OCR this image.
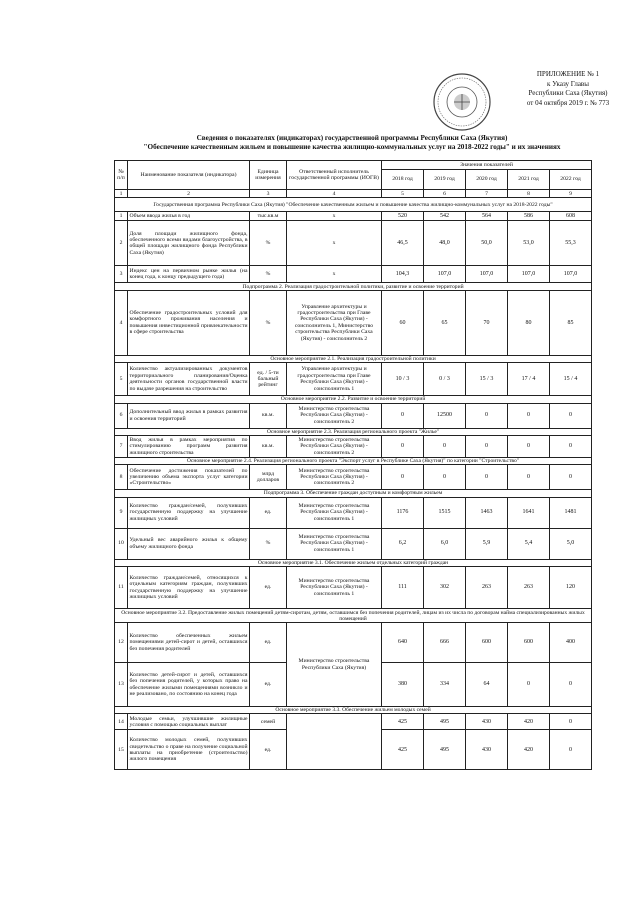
ПРИЛОЖЕНИЕ № 1
к Указу Главы
Республики Саха (Якутия)
от 04 октября 2019 г. № 773
Сведения о показателях (индикаторах) государственной программы Республики Саха (Якутия)
"Обеспечение качественным жильем и повышение качества жилищно-коммунальных услуг на 2018-2022 годы" и их значениях
№ п/п	Наименование показателя (индикатора)	Единица измерения	Ответственный исполнитель государственной программы (ИОГВ)	Значения показателей				
				2018 год	2019 год	2020 год	2021 год	2022 год
1	2	3	4	5	6	7	8	9
Государственная программа Республики Саха (Якутия) "Обеспечение качественным жильем и повышение качества жилищно-коммунальных услуг на 2018-2022 годы"								
1	Объем ввода жилья в год	тыс.кв.м	х	520	542	564	586	608
2	Доля площади жилищного фонда, обеспеченного всеми видами благоустройства, в общей площади жилищного фонда Республики Саха (Якутия)	%	х	46,5	48,0	50,0	53,0	55,3
3	Индекс цен на первичном рынке жилья (на конец года, к концу предыдущего года)	%	х	104,3	107,0	107,0	107,0	107,0
Подпрограмма 2. Реализация градостроительной политики, развитие и освоение территорий								
4	Обеспечение градостроительных условий для комфортного проживания населения и повышения инвестиционной привлекательности в сфере строительства	%	Управление архитектуры и градостроительства при Главе Республики Саха (Якутия) - соисполнитель 1, Министерство строительства Республики Саха (Якутия) - соисполнитель 2	60	65	70	80	85
Основное мероприятие 2.1. Реализация градостроительной политики								
5	Количество актуализированных документов территориального планирования/Оценка деятельности органов государственной власти по выдаче разрешения на строительство	ед. / 5-ти бальный рейтинг	Управление архитектуры и градостроительства при Главе Республики Саха (Якутия) - соисполнитель 1	10 / 3	0 / 3	15 / 3	17 / 4	15 / 4
Основное мероприятие 2.2. Развитие и освоение территорий								
6	Дополнительный ввод жилья в рамках развития и освоения территорий	кв.м.	Министерство строительства Республики Саха (Якутия) - соисполнитель 2	0	12500	0	0	0
Основное мероприятие 2.3. Реализация регионального проекта "Жилье"								
7	Ввод жилья в рамках мероприятия по стимулированию программ развития жилищного строительства	кв.м.	Министерство строительства Республики Саха (Якутия) - соисполнитель 2	0	0	0	0	0
Основное мероприятие 2.4. Реализация регионального проекта "Экспорт услуг в Республике Саха (Якутия)" по категории "Строительство"								
8	Обеспечение достижения показателей по увеличению объема экспорта услуг категории «Строительство»	млрд долларов	Министерство строительства Республики Саха (Якутия) - соисполнитель 2	0	0	0	0	0
Подпрограмма 3. Обеспечение граждан доступным и комфортным жильем								
9	Количество граждан/семей, получивших государственную поддержку на улучшение жилищных условий	ед.	Министерство строительства Республики Саха (Якутия) - соисполнитель 1	1176	1515	1463	1641	1481
10	Удельный вес аварийного жилья к общему объему жилищного фонда	%	Министерство строительства Республики Саха (Якутия) - соисполнитель 1	6,2	6,0	5,9	5,4	5,0
Основное мероприятие 3.1. Обеспечение жильем отдельных категорий граждан								
11	Количество граждан/семей, относящихся к отдельным категориям граждан, получивших государственную поддержку на улучшение жилищных условий	ед.	Министерство строительства Республики Саха (Якутия) - соисполнитель 1	111	302	263	263	120
Основное мероприятие 3.2. Предоставление жилых помещений детям-сиротам, детям, оставшимся без попечения родителей, лицам из их числа по договорам найма специализированных жилых помещений								
12	Количество обеспеченных жильем помещениями детей-сирот и детей, оставшихся без попечения родителей	ед.	Министерство строительства Республики Саха (Якутия)	640	666	600	600	400
13	Количество детей-сирот и детей, оставшихся без попечения родителей, у которых право на обеспечение жилыми помещениями возникло и не реализовано, по состоянию на конец года	ед.		380	334	64	0	0
Основное мероприятие 3.3. Обеспечение жильем молодых семей								
14	Молодые семьи, улучшившие жилищные условия с помощью социальных выплат	семей		425	495	430	420	0
15	Количество молодых семей, получивших свидетельство о праве на получение социальной выплаты на приобретение (строительство) жилого помещения	ед.		425	495	430	420	0
